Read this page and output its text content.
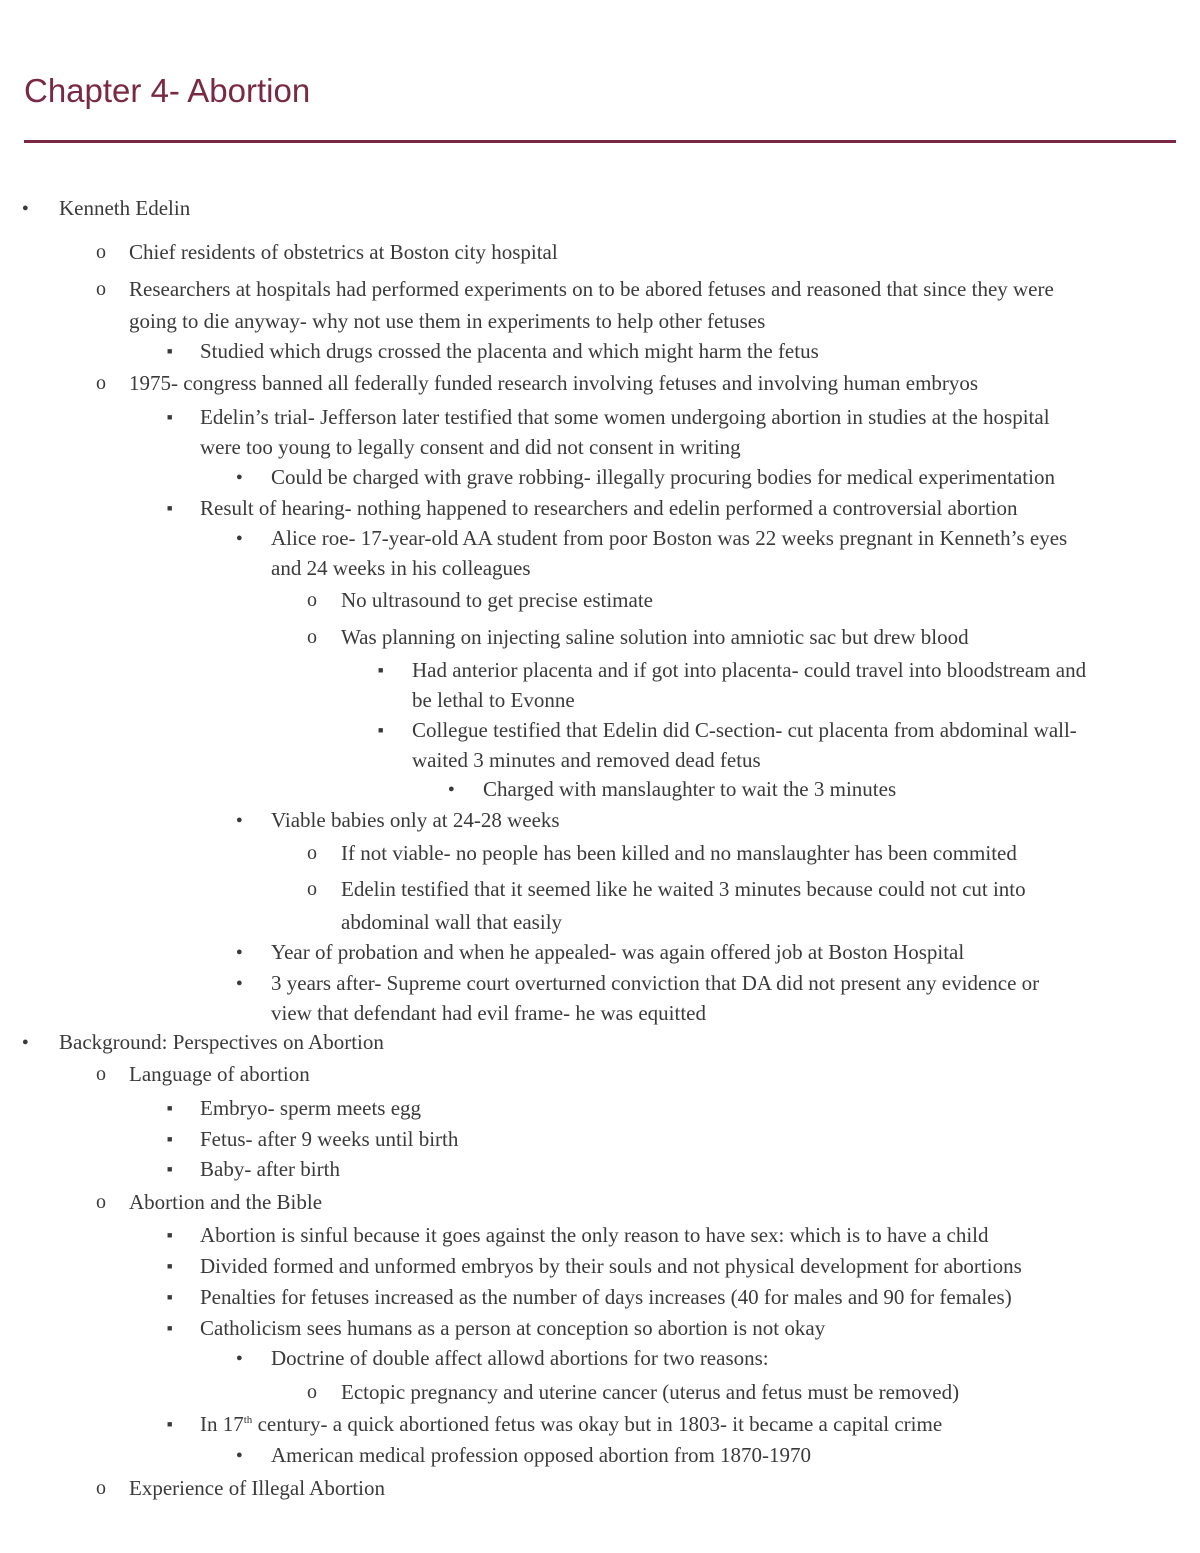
Chapter 4- Abortion
●
Kenneth Edelin
o
Chief residents of obstetrics at Boston city hospital
o
Researchers at hospitals had performed experiments on to be abored fetuses and reasoned that since they were
going to die anyway- why not use them in experiments to help other fetuses
■
Studied which drugs crossed the placenta and which might harm the fetus
o
1975- congress banned all federally funded research involving fetuses and involving human embryos
■
Edelin’s trial- Jefferson later testified that some women undergoing abortion in studies at the hospital
were too young to legally consent and did not consent in writing
●
Could be charged with grave robbing- illegally procuring bodies for medical experimentation
■
Result of hearing- nothing happened to researchers and edelin performed a controversial abortion
●
Alice roe- 17-year-old AA student from poor Boston was 22 weeks pregnant in Kenneth’s eyes
and 24 weeks in his colleagues
o
No ultrasound to get precise estimate
o
Was planning on injecting saline solution into amniotic sac but drew blood
■
Had anterior placenta and if got into placenta- could travel into bloodstream and
be lethal to Evonne
■
Collegue testified that Edelin did C-section- cut placenta from abdominal wall-
waited 3 minutes and removed dead fetus
●
Charged with manslaughter to wait the 3 minutes
●
Viable babies only at 24-28 weeks
o
If not viable- no people has been killed and no manslaughter has been commited
o
Edelin testified that it seemed like he waited 3 minutes because could not cut into
abdominal wall that easily
●
Year of probation and when he appealed- was again offered job at Boston Hospital
●
3 years after- Supreme court overturned conviction that DA did not present any evidence or
view that defendant had evil frame- he was equitted
●
Background: Perspectives on Abortion
o
Language of abortion
■
Embryo- sperm meets egg
■
Fetus- after 9 weeks until birth
■
Baby- after birth
o
Abortion and the Bible
■
Abortion is sinful because it goes against the only reason to have sex: which is to have a child
■
Divided formed and unformed embryos by their souls and not physical development for abortions
■
Penalties for fetuses increased as the number of days increases (40 for males and 90 for females)
■
Catholicism sees humans as a person at conception so abortion is not okay
●
Doctrine of double affect allowd abortions for two reasons:
o
Ectopic pregnancy and uterine cancer (uterus and fetus must be removed)
■
In 17th century- a quick abortioned fetus was okay but in 1803- it became a capital crime
●
American medical profession opposed abortion from 1870-1970
o
Experience of Illegal Abortion
